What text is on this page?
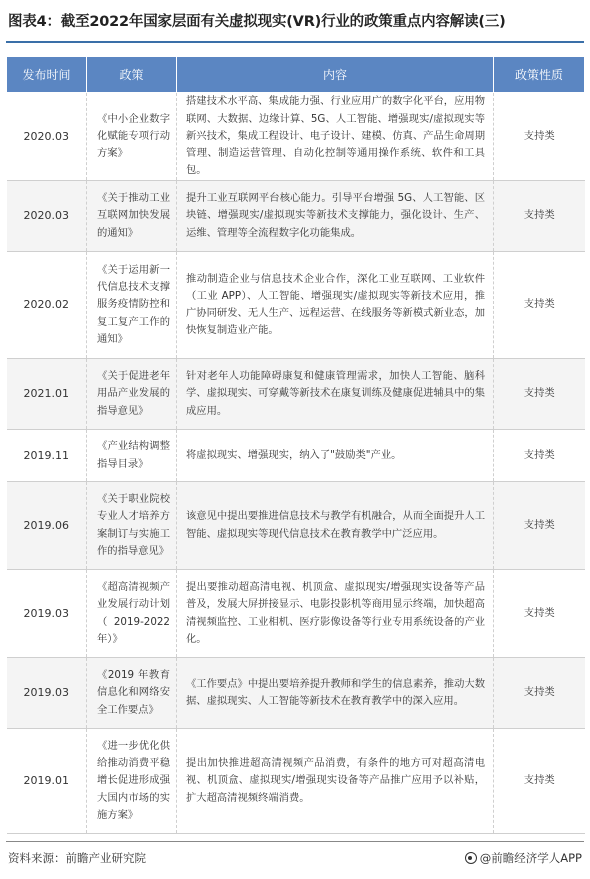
图表4：截至2022年国家层面有关虚拟现实(VR)行业的政策重点内容解读(三)
发布时间	政策	内容	政策性质
2020.03	《中小企业数字化赋能专项行动方案》	搭建技术水平高、集成能力强、行业应用广的数字化平台，应用物联网、大数据、边缘计算、5G、人工智能、增强现实/虚拟现实等新兴技术，集成工程设计、电子设计、建模、仿真、产品生命周期管理、制造运营管理、自动化控制等通用操作系统、软件和工具包。	支持类
2020.03	《关于推动工业互联网加快发展的通知》	提升工业互联网平台核心能力。引导平台增强 5G、人工智能、区块链、增强现实/虚拟现实等新技术支撑能力，强化设计、生产、运维、管理等全流程数字化功能集成。	支持类
2020.02	《关于运用新一代信息技术支撑服务疫情防控和复工复产工作的通知》	推动制造企业与信息技术企业合作，深化工业互联网、工业软件（工业 APP）、人工智能、增强现实/虚拟现实等新技术应用，推广协同研发、无人生产、远程运营、在线服务等新模式新业态，加快恢复制造业产能。	支持类
2021.01	《关于促进老年用品产业发展的指导意见》	针对老年人功能障碍康复和健康管理需求，加快人工智能、脑科学、虚拟现实、可穿戴等新技术在康复训练及健康促进辅具中的集成应用。	支持类
2019.11	《产业结构调整指导目录》	将虚拟现实、增强现实，纳入了"鼓励类"产业。	支持类
2019.06	《关于职业院校专业人才培养方案制订与实施工作的指导意见》	该意见中提出要推进信息技术与教学有机融合，从而全面提升人工智能、虚拟现实等现代信息技术在教育教学中广泛应用。	支持类
2019.03	《超高清视频产业发展行动计划（2019-2022年）》	提出要推动超高清电视、机顶盒、虚拟现实/增强现实设备等产品普及，发展大屏拼接显示、电影投影机等商用显示终端，加快超高清视频监控、工业相机、医疗影像设备等行业专用系统设备的产业化。	支持类
2019.03	《2019 年教育信息化和网络安全工作要点》	《工作要点》中提出要培养提升教师和学生的信息素养，推动大数据、虚拟现实、人工智能等新技术在教育教学中的深入应用。	支持类
2019.01	《进一步优化供给推动消费平稳增长促进形成强大国内市场的实施方案》	提出加快推进超高清视频产品消费，有条件的地方可对超高清电视、机顶盒、虚拟现实/增强现实设备等产品推广应用予以补贴，扩大超高清视频终端消费。	支持类
资料来源：前瞻产业研究院	@前瞻经济学人APP
